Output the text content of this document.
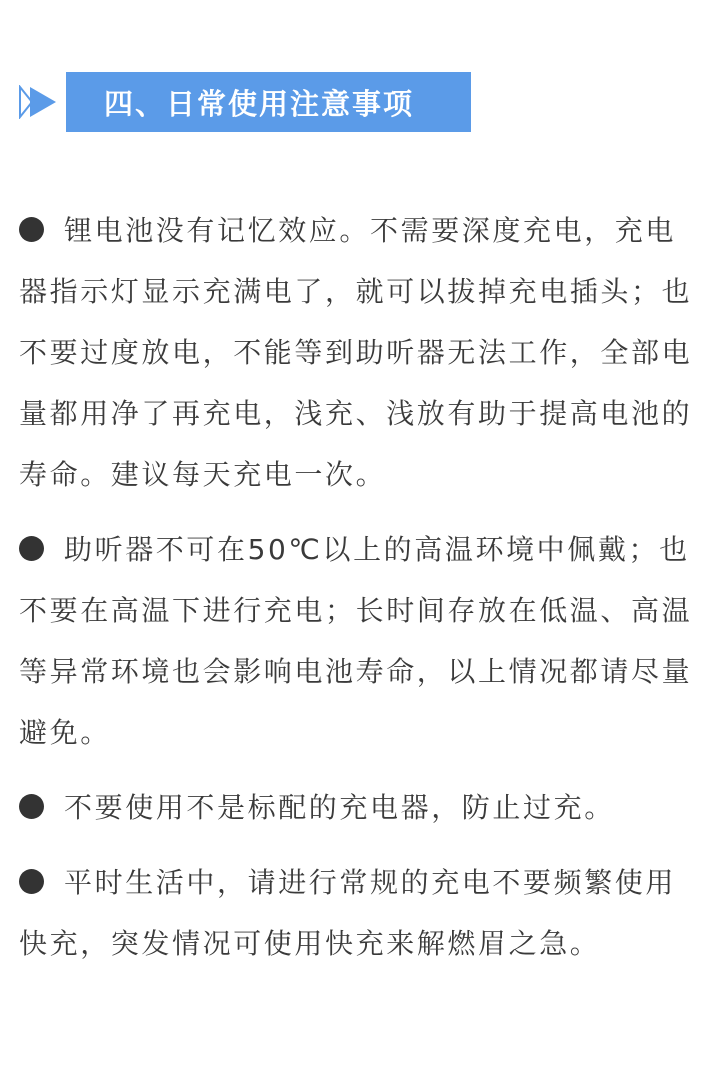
四、日常使用注意事项

锂电池没有记忆效应。不需要深度充电，充电器指示灯显示充满电了，就可以拔掉充电插头；也不要过度放电，不能等到助听器无法工作，全部电量都用净了再充电，浅充、浅放有助于提高电池的寿命。建议每天充电一次。

助听器不可在50℃以上的高温环境中佩戴；也不要在高温下进行充电；长时间存放在低温、高温等异常环境也会影响电池寿命，以上情况都请尽量避免。

不要使用不是标配的充电器，防止过充。

平时生活中，请进行常规的充电不要频繁使用快充，突发情况可使用快充来解燃眉之急。
